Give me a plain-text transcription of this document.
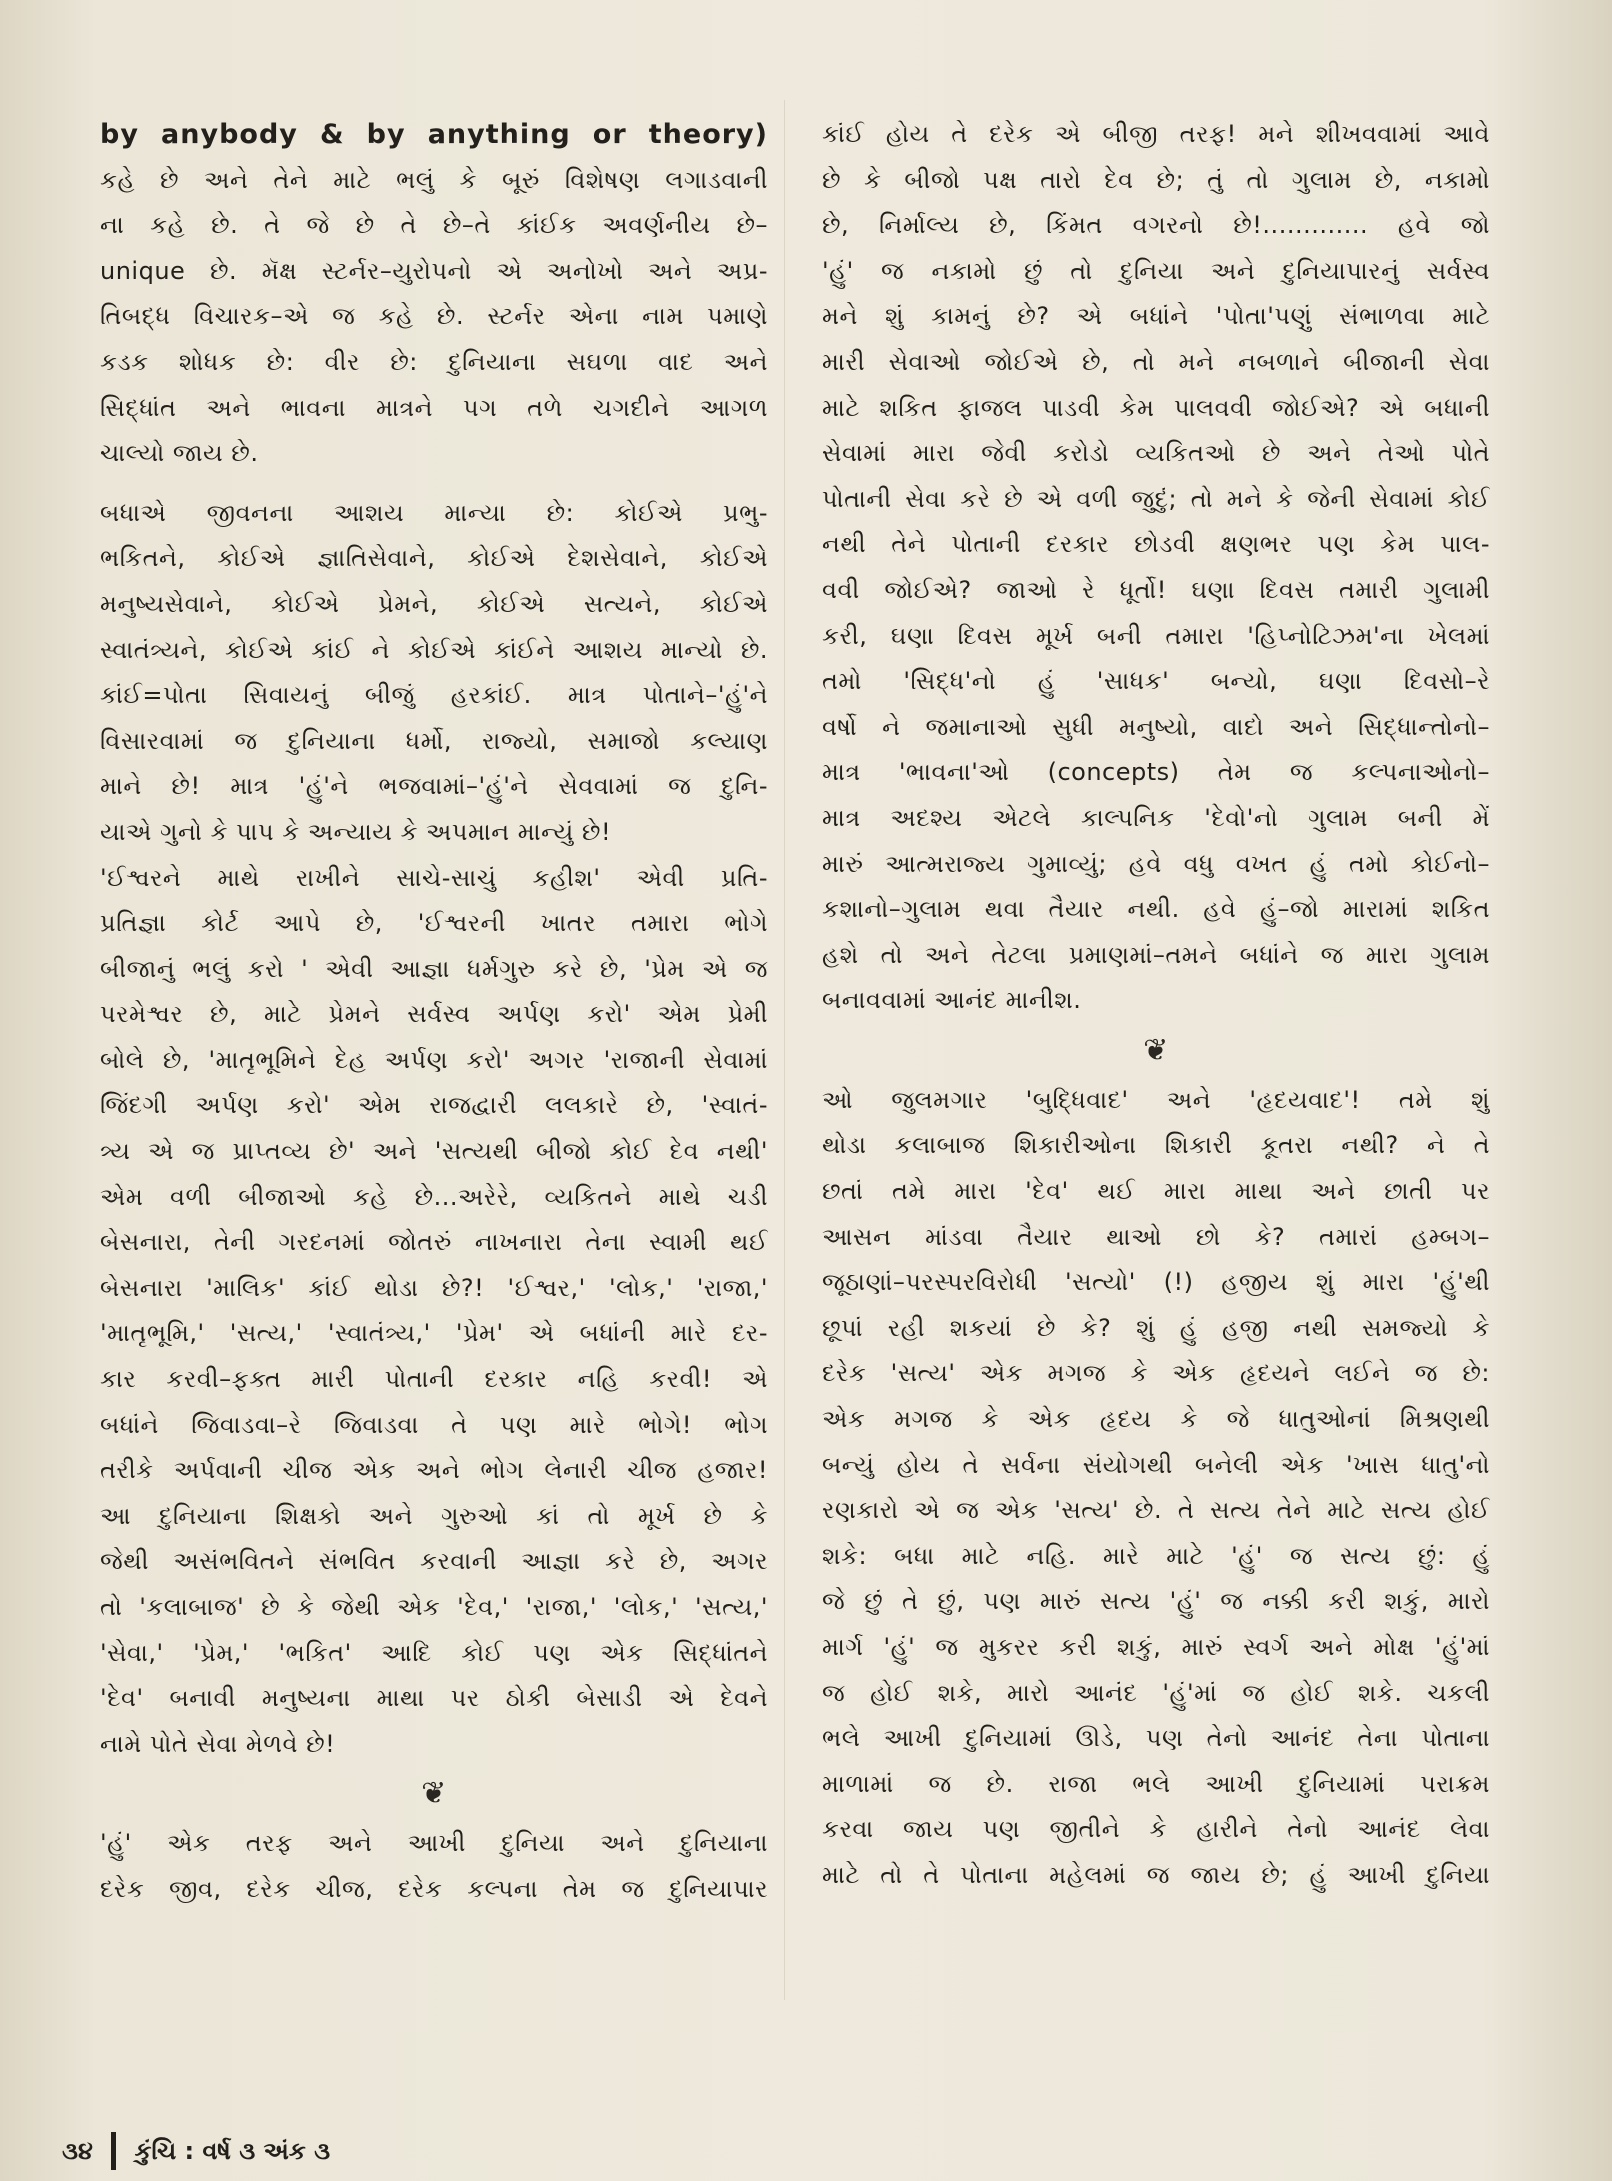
by anybody & by anything or theory)
કહે છે અને તેને માટે ભલું કે બૂરું વિશેષણ લગાડવાની
ના કહે છે. તે જે છે તે છે–તે કાંઈક અવર્ણનીય છે–
unique છે. મૅક્ષ સ્ટર્નર–યુરોપનો એ અનોખો અને અપ્ર-
તિબદ્ધ વિચારક–એ જ કહે છે. સ્ટર્નર એના નામ પમાણે
કડક શોધક છે: વીર છે: દુનિયાના સઘળા વાદ અને
સિદ્ધાંત અને ભાવના માત્રને પગ તળે ચગદીને આગળ
ચાલ્યો જાય છે.
બધાએ જીવનના આશય માન્યા છે: કોઈએ પ્રભુ-
ભકિતને, કોઈએ જ્ઞાતિસેવાને, કોઈએ દેશસેવાને, કોઈએ
મનુષ્યસેવાને, કોઈએ પ્રેમને, કોઈએ સત્યને, કોઈએ
સ્વાતંત્ર્યને, કોઈએ કાંઈ ને કોઈએ કાંઈને આશય માન્યો છે.
કાંઈ=પોતા સિવાયનું બીજું હરકાંઈ. માત્ર પોતાને–'હું'ને
વિસારવામાં જ દુનિયાના ધર્મો, રાજ્યો, સમાજો કલ્યાણ
માને છે! માત્ર 'હું'ને ભજવામાં–'હું'ને સેવવામાં જ દુનિ-
યાએ ગુનો કે પાપ કે અન્યાય કે અપમાન માન્યું છે!
'ઈશ્વરને માથે રાખીને સાચે-સાચું કહીશ' એવી પ્રતિ-
પ્રતિજ્ઞા કોર્ટ આપે છે, 'ઈશ્વરની ખાતર તમારા ભોગે
બીજાનું ભલું કરો ' એવી આજ્ઞા ધર્મગુરુ કરે છે, 'પ્રેમ એ જ
પરમેશ્વર છે, માટે પ્રેમને સર્વસ્વ અર્પણ કરો' એમ પ્રેમી
બોલે છે, 'માતૃભૂમિને દેહ અર્પણ કરો' અગર 'રાજાની સેવામાં
જિંદગી અર્પણ કરો' એમ રાજદ્વારી લલકારે છે, 'સ્વાતં-
ત્ર્ય એ જ પ્રાપ્તવ્ય છે' અને 'સત્યથી બીજો કોઈ દેવ નથી'
એમ વળી બીજાઓ કહે છે...અરેરે, વ્યકિતને માથે ચડી
બેસનારા, તેની ગરદનમાં જોતરું નાખનારા તેના સ્વામી થઈ
બેસનારા 'માલિક' કાંઈ થોડા છે?! 'ઈશ્વર,' 'લોક,' 'રાજા,'
'માતૃભૂમિ,' 'સત્ય,' 'સ્વાતંત્ર્ય,' 'પ્રેમ' એ બધાંની મારે દર-
કાર કરવી–ફક્ત મારી પોતાની દરકાર નહિ કરવી! એ
બધાંને જિવાડવા–રે જિવાડવા તે પણ મારે ભોગે! ભોગ
તરીકે અર્પવાની ચીજ એક અને ભોગ લેનારી ચીજ હજાર!
આ દુનિયાના શિક્ષકો અને ગુરુઓ કાં તો મૂર્ખ છે કે
જેથી અસંભવિતને સંભવિત કરવાની આજ્ઞા કરે છે, અગર
તો 'કલાબાજ' છે કે જેથી એક 'દેવ,' 'રાજા,' 'લોક,' 'સત્ય,'
'સેવા,' 'પ્રેમ,' 'ભકિત' આદિ કોઈ પણ એક સિદ્ધાંતને
'દેવ' બનાવી મનુષ્યના માથા પર ઠોકી બેસાડી એ દેવને
નામે પોતે સેવા મેળવે છે!
❦
'હું' એક તરફ અને આખી દુનિયા અને દુનિયાના
દરેક જીવ, દરેક ચીજ, દરેક કલ્પના તેમ જ દુનિયાપાર
કાંઈ હોય તે દરેક એ બીજી તરફ! મને શીખવવામાં આવે
છે કે બીજો પક્ષ તારો દેવ છે; તું તો ગુલામ છે, નકામો
છે, નિર્માલ્ય છે, કિંમત વગરનો છે!............. હવે જો
'હું' જ નકામો છું તો દુનિયા અને દુનિયાપારનું સર્વસ્વ
મને શું કામનું છે? એ બધાંને 'પોતા'પણું સંભાળવા માટે
મારી સેવાઓ જોઈએ છે, તો મને નબળાને બીજાની સેવા
માટે શકિત ફાજલ પાડવી કેમ પાલવવી જોઈએ? એ બધાની
સેવામાં મારા જેવી કરોડો વ્યકિતઓ છે અને તેઓ પોતે
પોતાની સેવા કરે છે એ વળી જુદું; તો મને કે જેની સેવામાં કોઈ
નથી તેને પોતાની દરકાર છોડવી ક્ષણભર પણ કેમ પાલ-
વવી જોઈએ? જાઓ રે ધૂર્તો! ઘણા દિવસ તમારી ગુલામી
કરી, ઘણા દિવસ મૂર્ખ બની તમારા 'હિપ્નોટિઝમ'ના ખેલમાં
તમો 'સિદ્ધ'નો હું 'સાધક' બન્યો, ઘણા દિવસો–રે
વર્ષો ને જમાનાઓ સુધી મનુષ્યો, વાદો અને સિદ્ધાન્તોનો–
માત્ર 'ભાવના'ઓ (concepts) તેમ જ કલ્પનાઓનો–
માત્ર અદશ્ય એટલે કાલ્પનિક 'દેવો'નો ગુલામ બની મેં
મારું આત્મરાજ્ય ગુમાવ્યું; હવે વધુ વખત હું તમો કોઈનો–
કશાનો–ગુલામ થવા તૈયાર નથી. હવે હું–જો મારામાં શકિત
હશે તો અને તેટલા પ્રમાણમાં–તમને બધાંને જ મારા ગુલામ
બનાવવામાં આનંદ માનીશ.
❦
ઓ જુલમગાર 'બુદ્ધિવાદ' અને 'હૃદયવાદ'! તમે શું
થોડા કલાબાજ શિકારીઓના શિકારી કૂતરા નથી? ને તે
છતાં તમે મારા 'દેવ' થઈ મારા માથા અને છાતી પર
આસન માંડવા તૈયાર થાઓ છો કે? તમારાં હમ્બગ–
જૂઠાણાં–પરસ્પરવિરોધી 'સત્યો' (!) હજીય શું મારા 'હું'થી
છૂપાં રહી શકયાં છે કે? શું હું હજી નથી સમજ્યો કે
દરેક 'સત્ય' એક મગજ કે એક હૃદયને લઈને જ છે:
એક મગજ કે એક હૃદય કે જે ધાતુઓનાં મિશ્રણથી
બન્યું હોય તે સર્વના સંયોગથી બનેલી એક 'ખાસ ધાતુ'નો
રણકારો એ જ એક 'સત્ય' છે. તે સત્ય તેને માટે સત્ય હોઈ
શકે: બધા માટે નહિ. મારે માટે 'હું' જ સત્ય છું: હું
જે છું તે છું, પણ મારું સત્ય 'હું' જ નક્કી કરી શકું, મારો
માર્ગ 'હું' જ મુકરર કરી શકું, મારું સ્વર્ગ અને મોક્ષ 'હું'માં
જ હોઈ શકે, મારો આનંદ 'હું'માં જ હોઈ શકે. ચકલી
ભલે આખી દુનિયામાં ઊડે, પણ તેનો આનંદ તેના પોતાના
માળામાં જ છે. રાજા ભલે આખી દુનિયામાં પરાક્રમ
કરવા જાય પણ જીતીને કે હારીને તેનો આનંદ લેવા
માટે તો તે પોતાના મહેલમાં જ જાય છે; હું આખી દુનિયા
૩૪ કુંચિ : વર્ષ ૩ અંક ૩
